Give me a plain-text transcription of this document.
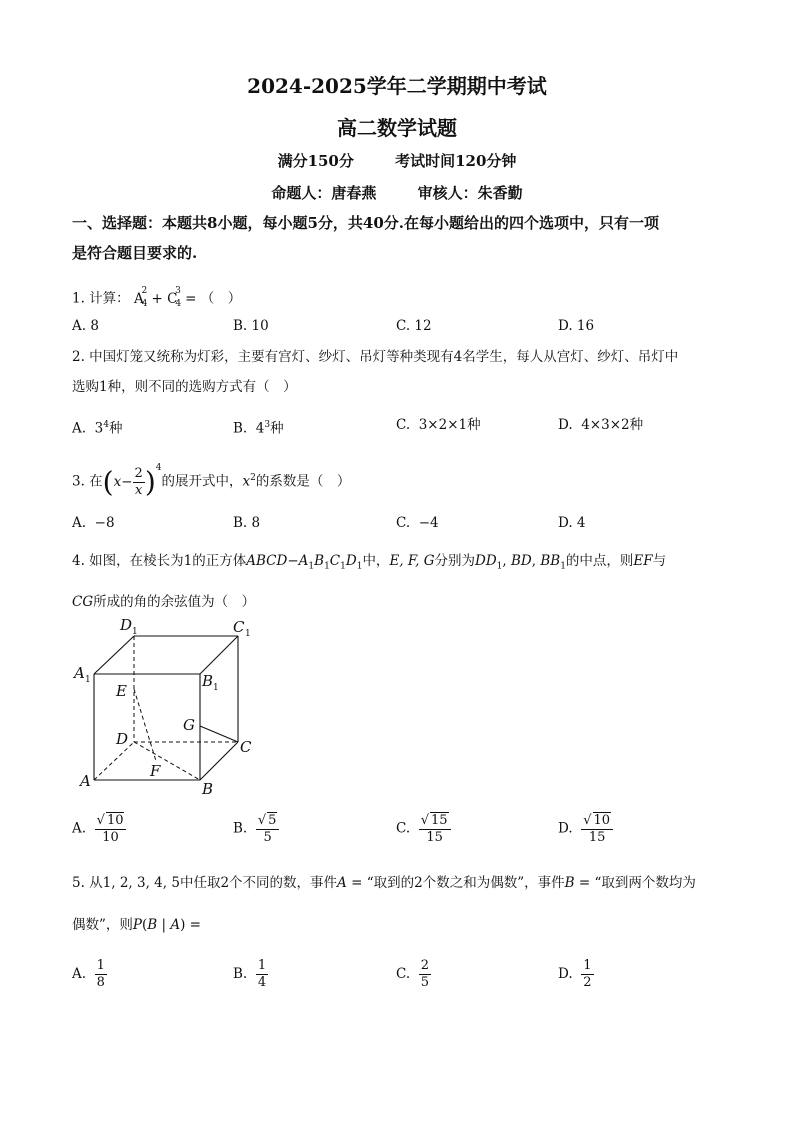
2024-2025学年二学期期中考试
高二数学试题
满分150分	考试时间120分钟
命题人：唐春燕	审核人：朱香勤
一、选择题：本题共8小题，每小题5分，共40分.在每小题给出的四个选项中，只有一项
是符合题目要求的.
1. 计算： $A_4^2 + C_4^3$ = （　）
A. 8	B. 10	C. 12	D. 16
2. 中国灯笼又统称为灯彩，主要有宫灯、纱灯、吊灯等种类现有4名学生，每人从宫灯、纱灯、吊灯中
选购1种，则不同的选购方式有（　）
A.  $3^4$种	B.  $4^3$种	C.  3×2×1种	D.  4×3×2种
3. 在$(x- \frac{2}{x} )^4$的展开式中，$x^2$的系数是（　）
A.  −8	B. 8	C.  −4	D. 4
4. 如图，在棱长为1的正方体$ABCD-A_1B_1C_1D_1$中，E, F, G分别为$DD_1$, BD, $BB_1$的中点，则EF与
CG所成的角的余弦值为（　）
D 1	C 1
A 1	B 1
E
G
D	C
A
F
B
A. $\frac{√ 10}{10}$	B. $\frac{√ 5}{5}$	C. $\frac{√ 15}{15}$	D. $\frac{√ 10}{15}$
5. 从1, 2, 3, 4, 5中任取2个不同的数，事件A = “取到的2个数之和为偶数”，事件B = “取到两个数均为
偶数”，则P(B | A) =
A. $\frac{1}{8}$	B. $\frac{1}{4}$	C. $\frac{2}{5}$	D. $\frac{1}{2}$
